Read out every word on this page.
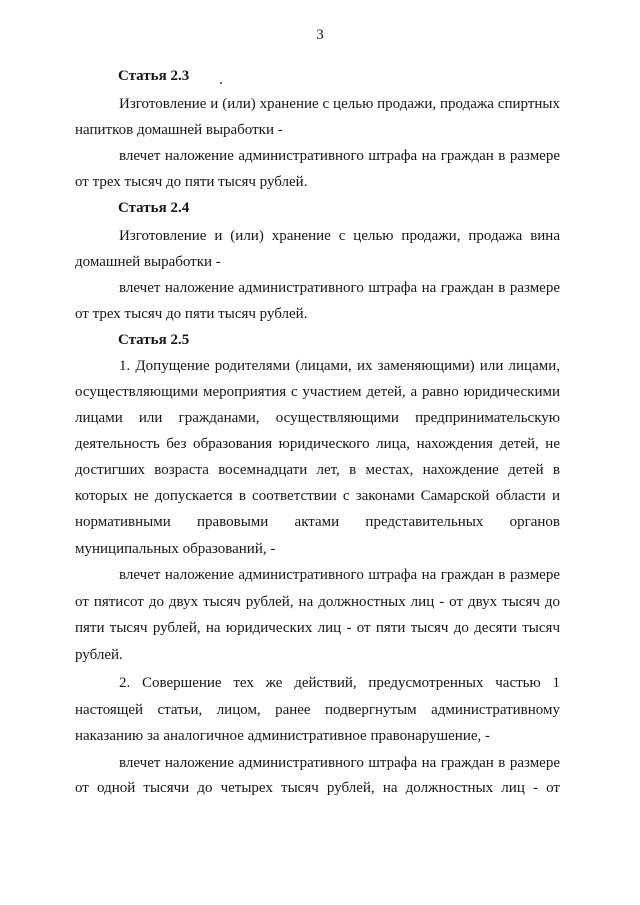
3
Статья 2.3
Изготовление и (или) хранение с целью продажи, продажа спиртных
напитков домашней выработки -
влечет наложение административного штрафа на граждан в размере
от трех тысяч до пяти тысяч рублей.
Статья 2.4
Изготовление и (или) хранение с целью продажи, продажа вина
домашней выработки -
влечет наложение административного штрафа на граждан в размере
от трех тысяч до пяти тысяч рублей.
Статья 2.5
1. Допущение родителями (лицами, их заменяющими) или лицами,
осуществляющими мероприятия с участием детей, а равно юридическими
лицами или гражданами, осуществляющими предпринимательскую
деятельность без образования юридического лица, нахождения детей, не
достигших возраста восемнадцати лет, в местах, нахождение детей в
которых не допускается в соответствии с законами Самарской области и
нормативными правовыми актами представительных органов
муниципальных образований, -
влечет наложение административного штрафа на граждан в размере
от пятисот до двух тысяч рублей, на должностных лиц - от двух тысяч до
пяти тысяч рублей, на юридических лиц - от пяти тысяч до десяти тысяч
рублей.
2. Совершение тех же действий, предусмотренных частью 1
настоящей статьи, лицом, ранее подвергнутым административному
наказанию за аналогичное административное правонарушение, -
влечет наложение административного штрафа на граждан в размере
от одной тысячи до четырех тысяч рублей, на должностных лиц - от
